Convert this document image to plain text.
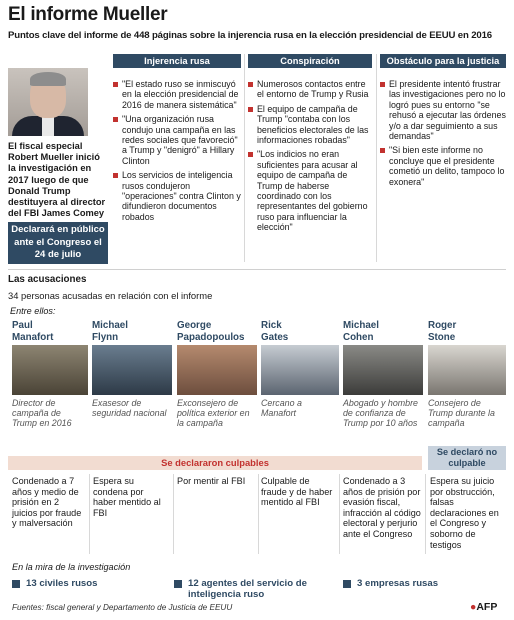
El informe Mueller
Puntos clave del informe de 448 páginas sobre la injerencia rusa en la elección presidencial de EEUU en 2016
El fiscal especial Robert Mueller inició la investigación en 2017 luego de que Donald Trump destituyera al director del FBI James Comey
Declarará en público ante el Congreso el 24 de julio
Injerencia rusa
"El estado ruso se inmiscuyó en la elección presidencial de 2016 de manera sistemática"
"Una organización rusa condujo una campaña en las redes sociales que favoreció" a Trump y "denigró" a Hillary Clinton
Los servicios de inteligencia rusos condujeron "operaciones" contra Clinton y difundieron documentos robados
Conspiración
Numerosos contactos entre el entorno de Trump y Rusia
El equipo de campaña de Trump "contaba con los beneficios electorales de las informaciones robadas"
"Los indicios no eran suficientes para acusar al equipo de campaña de Trump de haberse coordinado con los representantes del gobierno ruso para influenciar la elección"
Obstáculo para la justicia
El presidente intentó frustrar las investigaciones pero no lo logró pues su entorno "se rehusó a ejecutar las órdenes y/o a dar seguimiento a sus demandas"
"Si bien este informe no concluye que el presidente cometió un delito, tampoco lo exonera"
Las acusaciones
34 personas acusadas en relación con el informe
Entre ellos:
Paul
Manafort
Director de campaña de Trump en 2016
Michael
Flynn
Exasesor de seguridad nacional
George
Papadopoulos
Exconsejero de política exterior en la campaña
Rick
Gates
Cercano a Manafort
Michael
Cohen
Abogado y hombre de confianza de Trump por 10 años
Roger
Stone
Consejero de Trump durante la campaña
Se declararon culpables
Se declaró no culpable
Condenado a 7 años y medio de prisión en 2 juicios por fraude y malversación
Espera su condena por haber mentido al FBI
Por mentir al FBI	Culpable de fraude y de haber mentido al FBI
Condenado a 3 años de prisión por evasión fiscal, infracción al código electoral y perjurio ante el Congreso
Espera su juicio por obstrucción, falsas declaraciones en el Congreso y soborno de testigos
En la mira de la investigación
13 civiles rusos	12 agentes del servicio de inteligencia ruso
3 empresas rusas
Fuentes: fiscal general y Departamento de Justicia de EEUU	●AFP
